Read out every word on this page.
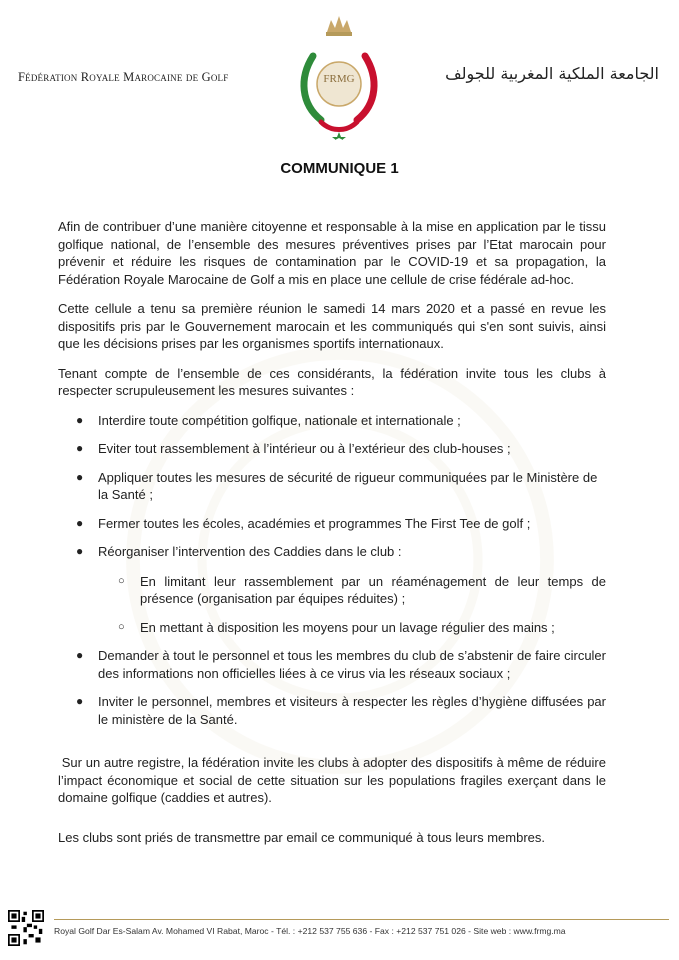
Fédération Royale Marocaine de Golf	FRMG	الجامعة الملكية المغربية للجولف
COMMUNIQUE 1

Afin de contribuer d’une manière citoyenne et responsable à la mise en application par le tissu golfique national, de l’ensemble des mesures préventives prises par l’Etat marocain pour prévenir et réduire les risques de contamination par le COVID-19 et sa propagation, la Fédération Royale Marocaine de Golf a mis en place une cellule de crise fédérale ad-hoc.

Cette cellule a tenu sa première réunion le samedi 14 mars 2020 et a passé en revue les dispositifs pris par le Gouvernement marocain et les communiqués qui s'en sont suivis, ainsi que les décisions prises par les organismes sportifs internationaux.

Tenant compte de l’ensemble de ces considérants, la fédération invite tous les clubs à respecter scrupuleusement les mesures suivantes :

● Interdire toute compétition golfique, nationale et internationale ;
● Eviter tout rassemblement à l’intérieur ou à l’extérieur des club-houses ;
● Appliquer toutes les mesures de sécurité de rigueur communiquées par le Ministère de la Santé ;
● Fermer toutes les écoles, académies et programmes The First Tee de golf ;
● Réorganiser l’intervention des Caddies dans le club :
○ En limitant leur rassemblement par un réaménagement de leur temps de présence (organisation par équipes réduites) ;
○ En mettant à disposition les moyens pour un lavage régulier des mains ;
● Demander à tout le personnel et tous les membres du club de s’abstenir de faire circuler des informations non officielles liées à ce virus via les réseaux sociaux ;
● Inviter le personnel, membres et visiteurs à respecter les règles d’hygiène diffusées par le ministère de la Santé.

Sur un autre registre, la fédération invite les clubs à adopter des dispositifs à même de réduire l’impact économique et social de cette situation sur les populations fragiles exerçant dans le domaine golfique (caddies et autres).

Les clubs sont priés de transmettre par email ce communiqué à tous leurs membres.

Royal Golf Dar Es-Salam Av. Mohamed VI Rabat, Maroc - Tél. : +212 537 755 636 - Fax : +212 537 751 026 - Site web : www.frmg.ma
